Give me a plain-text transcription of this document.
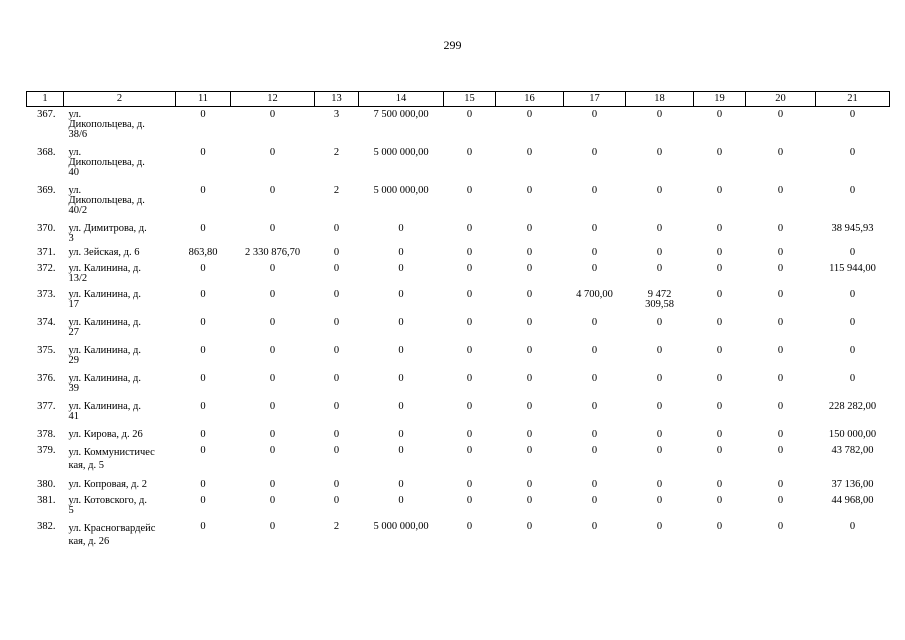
299
1	2	11	12	13	14	15	16	17	18	19	20	21
367.	ул.
Дикопольцева, д.
38/6	0	0	3	7 500 000,00	0	0	0	0	0	0	0
368.	ул.
Дикопольцева, д.
40	0	0	2	5 000 000,00	0	0	0	0	0	0	0
369.	ул.
Дикопольцева, д.
40/2	0	0	2	5 000 000,00	0	0	0	0	0	0	0
370.	ул. Димитрова, д.
3	0	0	0	0	0	0	0	0	0	0	38 945,93
371.	ул. Зейская, д. 6	863,80	2 330 876,70	0	0	0	0	0	0	0	0	0
372.	ул. Калинина, д.
13/2	0	0	0	0	0	0	0	0	0	0	115 944,00
373.	ул. Калинина, д.
17	0	0	0	0	0	0	4 700,00	9 472
309,58	0	0	0
374.	ул. Калинина, д.
27	0	0	0	0	0	0	0	0	0	0	0
375.	ул. Калинина, д.
29	0	0	0	0	0	0	0	0	0	0	0
376.	ул. Калинина, д.
39	0	0	0	0	0	0	0	0	0	0	0
377.	ул. Калинина, д.
41	0	0	0	0	0	0	0	0	0	0	228 282,00
378.	ул. Кирова, д. 26	0	0	0	0	0	0	0	0	0	0	150 000,00
379.	ул. Коммунистичес
кая, д. 5	0	0	0	0	0	0	0	0	0	0	43 782,00
380.	ул. Копровая, д. 2	0	0	0	0	0	0	0	0	0	0	37 136,00
381.	ул. Котовского, д.
5	0	0	0	0	0	0	0	0	0	0	44 968,00
382.	ул. Красногвардейс
кая, д. 26	0	0	2	5 000 000,00	0	0	0	0	0	0	0
